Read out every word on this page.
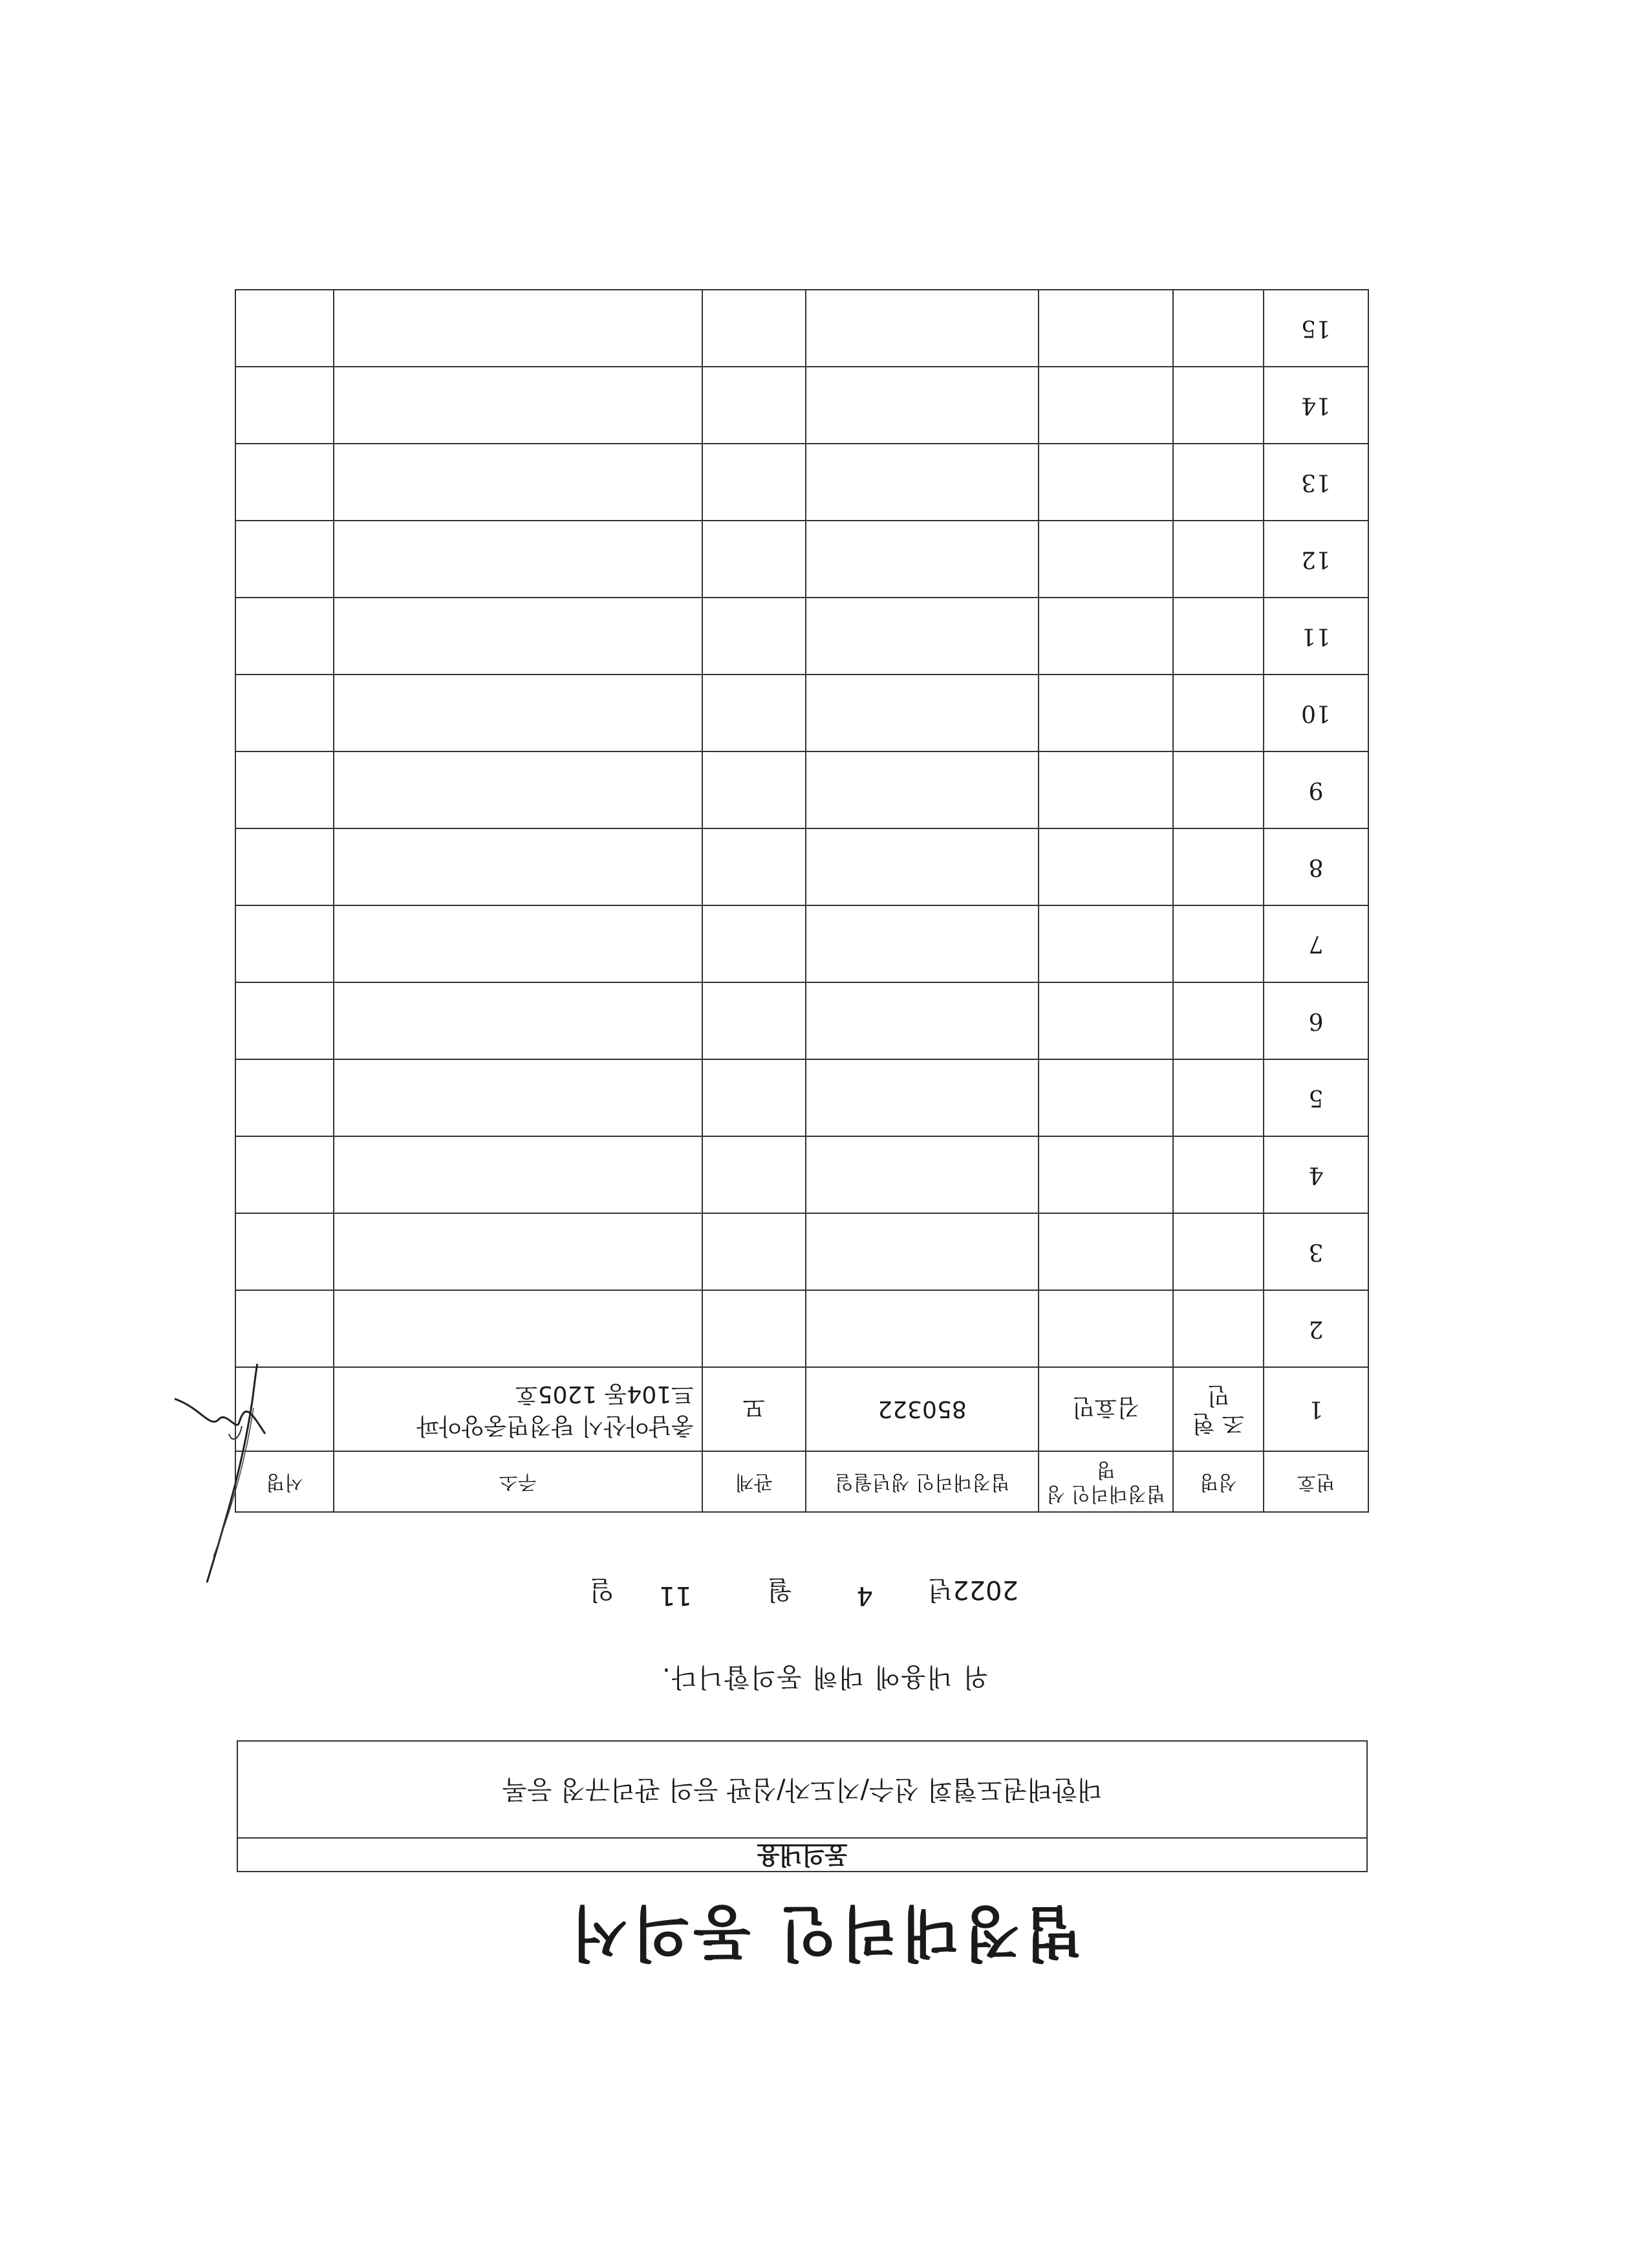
법정대리인 동의서
동의내용
대한태권도협회 선수/지도자/심판 등의 관리규정 등록
위 내용에 대해 동의합니다.
2022년
4
월
11
일
번호	성명	법정대리인 성명	법정대리인 생년월일	관계	주소	서명
1	조 현 민	김효민	850322	모	충남아산시 탕정면중앙아파
트104동 1205호	

2						
3						
4						
5						
6						
7						
8						
9						
10						
11						
12						
13						
14						
15						
